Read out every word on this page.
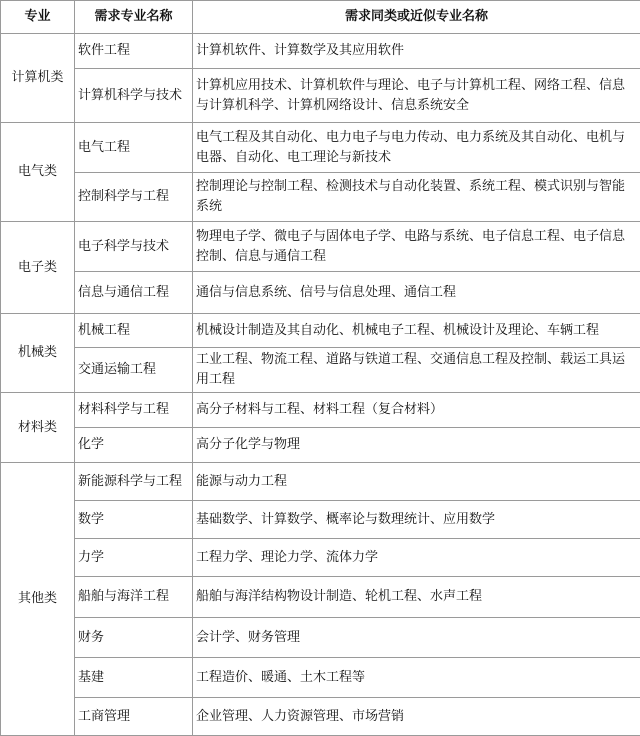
专业	需求专业名称	需求同类或近似专业名称
计算机类	软件工程	计算机软件、计算数学及其应用软件
	计算机科学与技术	计算机应用技术、计算机软件与理论、电子与计算机工程、网络工程、信息与计算机科学、计算机网络设计、信息系统安全
电气类	电气工程	电气工程及其自动化、电力电子与电力传动、电力系统及其自动化、电机与电器、自动化、电工理论与新技术
	控制科学与工程	控制理论与控制工程、检测技术与自动化装置、系统工程、模式识别与智能系统
电子类	电子科学与技术	物理电子学、微电子与固体电子学、电路与系统、电子信息工程、电子信息控制、信息与通信工程
	信息与通信工程	通信与信息系统、信号与信息处理、通信工程
机械类	机械工程	机械设计制造及其自动化、机械电子工程、机械设计及理论、车辆工程
	交通运输工程	工业工程、物流工程、道路与铁道工程、交通信息工程及控制、载运工具运用工程
材料类	材料科学与工程	高分子材料与工程、材料工程（复合材料）
	化学	高分子化学与物理
其他类	新能源科学与工程	能源与动力工程
	数学	基础数学、计算数学、概率论与数理统计、应用数学
	力学	工程力学、理论力学、流体力学
	船舶与海洋工程	船舶与海洋结构物设计制造、轮机工程、水声工程
	财务	会计学、财务管理
	基建	工程造价、暖通、土木工程等
	工商管理	企业管理、人力资源管理、市场营销
